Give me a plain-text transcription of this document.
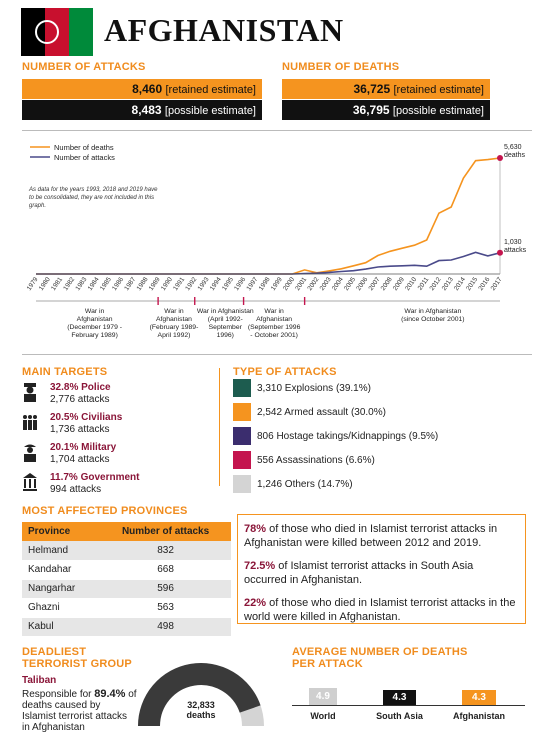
AFGHANISTAN
NUMBER OF ATTACKS
8,460 [retained estimate]
8,483 [possible estimate]
NUMBER OF DEATHS
36,725 [retained estimate]
36,795 [possible estimate]
Number of deaths
Number of attacks
1979
1980
1981
1982
1983
1984
1985
1986
1987
1988
1989
1990
1991
1992
1993
1994
1995
1996
1997
1998
1999
2000
2001
2002
2003
2004
2005
2006
2007
2008
2009
2010
2011
2012
2013
2014
2015
2016
2017
War in Afghanistan (December 1979 -February 1989)
War in Afghanistan (February 1989-April 1992)
War in Afghanistan (April 1992-September 1996)
War in Afghanistan (September 1996 - October 2001)
War in Afghanistan (since October 2001)
5,630
deaths
1,030
attacks
As data for the years 1993, 2018 and 2019 have to be consolidated, they are not included in this graph.
MAIN TARGETS
32.8% Police
2,776 attacks
20.5% Civilians
1,736 attacks
20.1% Military
1,704 attacks
11.7% Government
994 attacks
TYPE OF ATTACKS
3,310 Explosions (39.1%)
2,542 Armed assault (30.0%)
806 Hostage takings/Kidnappings (9.5%)
556 Assassinations (6.6%)
1,246 Others (14.7%)
MOST AFFECTED PROVINCES
Province	Number of attacks
Helmand	832
Kandahar	668
Nangarhar	596
Ghazni	563
Kabul	498
78% of those who died in Islamist terrorist attacks in Afghanistan were killed between 2012 and 2019.
72.5% of Islamist terrorist attacks in South Asia occurred in Afghanistan.
22% of those who died in Islamist terrorist attacks in the world were killed in Afghanistan.
DEADLIEST
TERRORIST GROUP
Taliban
Responsible for 89.4% of deaths caused by Islamist terrorist attacks in Afghanistan
32,833
deaths
AVERAGE NUMBER OF DEATHS
PER ATTACK
4.9
World
4.3
South Asia
4.3
Afghanistan
